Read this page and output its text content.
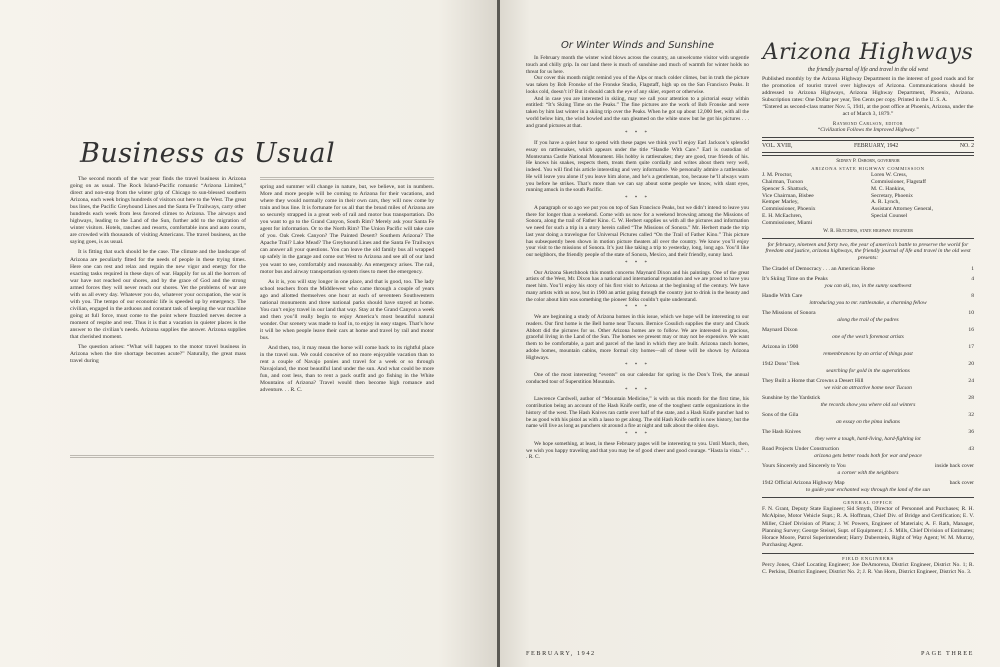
Business as Usual

The second month of the war year finds the travel business in Arizona going on as usual. The Rock Island-Pacific romantic “Arizona Limited,” direct and non-stop from the winter grip of Chicago to sun-blessed southern Arizona, each week brings hundreds of visitors out here to the West. The great bus lines, the Pacific Greyhound Lines and the Santa Fe Trailways, carry other hundreds each week from less favored climes to Arizona. The airways and highways, leading to the Land of the Sun, further add to the migration of winter visitors. Hotels, ranches and resorts, comfortable inns and auto courts, are crowded with thousands of visiting Americans. The travel business, as the saying goes, is as usual.

It is fitting that such should be the case. The climate and the landscape of Arizona are peculiarly fitted for the needs of people in these trying times. Here one can rest and relax and regain the new vigor and energy for the exacting tasks required in these days of war. Happily for us all the horrors of war have not reached our shores, and by the grace of God and the strong armed forces they will never reach our shores. Yet the problems of war are with us all every day. Whatever you do, whatever your occupation, the war is with you. The tempo of our economic life is speeded up by emergency. The civilian, engaged in the arduous and constant task of keeping the war machine going at full force, must come to the point where frazzled nerves decree a moment of respite and rest. Thus it is that a vacation in quieter places is the answer to the civilian’s needs. Arizona supplies the answer. Arizona supplies that cherished moment.

The question arises: “What will happen to the motor travel business in Arizona when the tire shortage becomes acute?” Naturally, the great mass travel during

spring and summer will change in nature, but, we believe, not in numbers. More and more people will be coming to Arizona for their vacations, and where they would normally come in their own cars, they will now come by train and bus line. It is fortunate for us all that the broad miles of Arizona are so securely strapped in a great web of rail and motor bus transportation. Do you want to go to the Grand Canyon, South Rim? Merely ask your Santa Fe agent for information. Or to the North Rim? The Union Pacific will take care of you. Oak Creek Canyon? The Painted Desert? Southern Arizona? The Apache Trail? Lake Mead? The Greyhound Lines and the Santa Fe Trailways can answer all your questions. You can leave the old family bus all wrapped up safely in the garage and come out West to Arizona and see all of our land you want to see, comfortably and reasonably. An emergency arises. The rail, motor bus and airway transportation system rises to meet the emergency.

As it is, you will stay longer in one place, and that is good, too. The lady school teachers from the Middlewest who came through a couple of years ago and allotted themselves one hour at each of seventeen Southwestern national monuments and three national parks should have stayed at home. You can’t enjoy travel in our land that way. Stay at the Grand Canyon a week and then you’ll really begin to enjoy America’s most beautiful natural wonder. Our scenery was made to loaf in, to enjoy in easy stages. That’s how it will be when people leave their cars at home and travel by rail and motor bus.

And then, too, it may mean the horse will come back to its rightful place in the travel sun. We could conceive of no more enjoyable vacation than to rent a couple of Navajo ponies and travel for a week or so through Navajoland, the most beautiful land under the sun. And what could be more fun, and cost less, than to rent a pack outfit and go fishing in the White Mountains of Arizona? Travel would then become high romance and adventure. . . R. C.

Or Winter Winds and Sunshine

In February month the winter wind blows across the country, an unwelcome visitor with ungentle touch and chilly grip. In our land there is much of sunshine and much of warmth for winter holds no threat for us here.

Our cover this month might remind you of the Alps or much colder climes, but in truth the picture was taken by Bob Fronske of the Fronske Studio, Flagstaff, high up on the San Francisco Peaks. It looks cold, doesn’t it? But it should catch the eye of any skier, expert or otherwise.

And in case you are interested in skiing, may we call your attention to a pictorial essay within entitled: “It’s Skiing Time on the Peaks.” The fine pictures are the work of Bob Fronske and were taken by him last winter in a skiing trip over the Peaks. When he got up about 12,000 feet, with all the world below him, the wind howled and the sun gleamed on the white snow but he got his pictures . . . and grand pictures at that.

* * *

If you have a quiet hour to spend with these pages we think you’ll enjoy Earl Jackson’s splendid essay on rattlesnakes, which appears under the title “Handle With Care.” Earl is custodian of Montezuma Castle National Monument. His hobby is rattlesnakes; they are good, true friends of his. He knows his snakes, respects them, treats them quite cordially and writes about them very well, indeed. You will find his article interesting and very informative. We personally admire a rattlesnake. He will leave you alone if you leave him alone, and he’s a gentleman, too, because he’ll always warn you before he strikes. That’s more than we can say about some people we know, with slant eyes, running amuck in the south Pacific.

* * *

A paragraph or so ago we put you on top of San Francisco Peaks, but we didn’t intend to leave you there for longer than a weekend. Come with us now for a weekend browsing among the Missions of Sonora, along the trail of Father Kino. C. W. Herbert supplies us with all the pictures and information we need for such a trip in a story herein called “The Missions of Sonora.” Mr. Herbert made the trip last year doing a travelogue for Universal Pictures called “On the Trail of Father Kino.” This picture has subsequently been shown in motion picture theaters all over the country. We know you’ll enjoy your visit to the missions of Sonora. It’s just like taking a trip to yesterday, long, long ago. You’ll like our neighbors, the friendly people of the state of Sonora, Mexico, and their friendly, sunny land.

* * *

Our Arizona Sketchbook this month concerns Maynard Dixon and his paintings. One of the great artists of the West, Mr. Dixon has a national and international reputation and we are proud to have you meet him. You’ll enjoy his story of his first visit to Arizona at the beginning of the century. We have many artists with us now, but in 1900 an artist going through the country just to drink in the beauty and the color about him was something the pioneer folks couldn’t quite understand.

* * *

We are beginning a study of Arizona homes in this issue, which we hope will be interesting to our readers. Our first home is the Bell home near Tucson. Bernice Cosulich supplies the story and Chuck Abbott did the pictures for us. Other Arizona homes are to follow. We are interested in gracious, graceful living in the Land of the Sun. The homes we present may or may not be expensive. We want them to be comfortable, a part and parcel of the land in which they are built. Arizona ranch homes, adobe homes, mountain cabins, more formal city homes—all of these will be shown by Arizona Highways.

* * *

One of the most interesting “events” on our calendar for spring is the Don’s Trek, the annual conducted tour of Superstition Mountain.

* * *

Lawrence Cardwell, author of “Mountain Medicine,” is with us this month for the first time, his contribution being an account of the Hash Knife outfit, one of the toughest cattle organizations in the history of the west. The Hash Knives ran cattle over half of the state, and a Hash Knife puncher had to be as good with his pistol as with a lasso to get along. The old Hash Knife outfit is now history, but the name will live as long as punchers sit around a fire at night and talk about the olden days.

* * *

We hope something, at least, in these February pages will be interesting to you. Until March, then, we wish you happy traveling and that you may be of good cheer and good courage. “Hasta la vista.” . . . R. C.

FEBRUARY, 1942
Arizona Highways
the friendly journal of life and travel in the old west
Published monthly by the Arizona Highway Department in the interest of good roads and for the promotion of tourist travel over highways of Arizona. Communications should be addressed to Arizona Highways, Arizona Highway Department, Phoenix, Arizona. Subscription rates: One Dollar per year, Ten Cents per copy. Printed in the U. S. A.
“Entered as second-class matter Nov. 5, 1941, at the post office at Phoenix, Arizona, under the act of March 3, 1879.”
Raymond Carlson, editor
“Civilization Follows the Improved Highway.”
VOL. XVIII,	FEBRUARY, 1942	NO. 2
Sidney P. Osborn, governor
ARIZONA STATE HIGHWAY COMMISSION
J. M. Proctor,	Loren W. Cress,
Chairman, Tucson	Commissioner, Flagstaff
Spencer S. Shattuck,	M. C. Hankins,
Vice Chairman, Bisbee	Secretary, Phoenix
Kemper Marley,	A. R. Lynch,
Commissioner, Phoenix	Assistant Attorney General,
E. H. McEachren,	Special Counsel
Commissioner, Miami
W. R. Hutchins, state highway engineer
for february, nineteen and forty two, the year of america’s battle to preserve the world for freedom and justice, arizona highways, the friendly journal of life and travel in the old west presents:
The Citadel of Democracy . . . an American Home	1
It’s Skiing Time on the Peaks	4
you can ski, too, in the sunny southwest
Handle With Care	8
introducing you to mr. rattlesnake, a charming fellow
The Missions of Sonora	10
along the trail of the padres
Maynard Dixon	16
one of the west’s foremost artists
Arizona in 1900	17
remembrances by an artist of things past
1942 Dons’ Trek	20
searching for gold in the superstitions
They Built a Home that Crowns a Desert Hill	24
we visit an attractive home near Tucson
Sunshine by the Yardstick	28
the records show you where old sol winters
Sons of the Gila	32
an essay on the pima indians
The Hash Knives	36
they were a tough, hard-living, hard-fighting lot
Road Projects Under Construction	43
arizona gets better roads both for war and peace
Yours Sincerely and Sincerely to You	inside back cover
a corner with the neighbors
1942 Official Arizona Highway Map	back cover
to guide your enchanted way through the land of the sun
GENERAL OFFICE
F. N. Grant, Deputy State Engineer; Sid Smyth, Director of Personnel and Purchases; R. H. McAlpine, Motor Vehicle Supt.; R. A. Hoffman, Chief Div. of Bridge and Certification; E. V. Miller, Chief Division of Plans; J. W. Powers, Engineer of Materials; A. F. Rath, Manager, Planning Survey; George Steisel, Supt. of Equipment; J. S. Mills, Chief Division of Estimates; Horace Moore, Patrol Superintendent; Harry Duberstein, Right of Way Agent; W. M. Murray, Purchasing Agent.
FIELD ENGINEERS
Percy Jones, Chief Locating Engineer; Joe DeAmorena, District Engineer, District No. 1; R. C. Perkins, District Engineer, District No. 2; J. R. Van Horn, District Engineer, District No. 3.
PAGE THREE
